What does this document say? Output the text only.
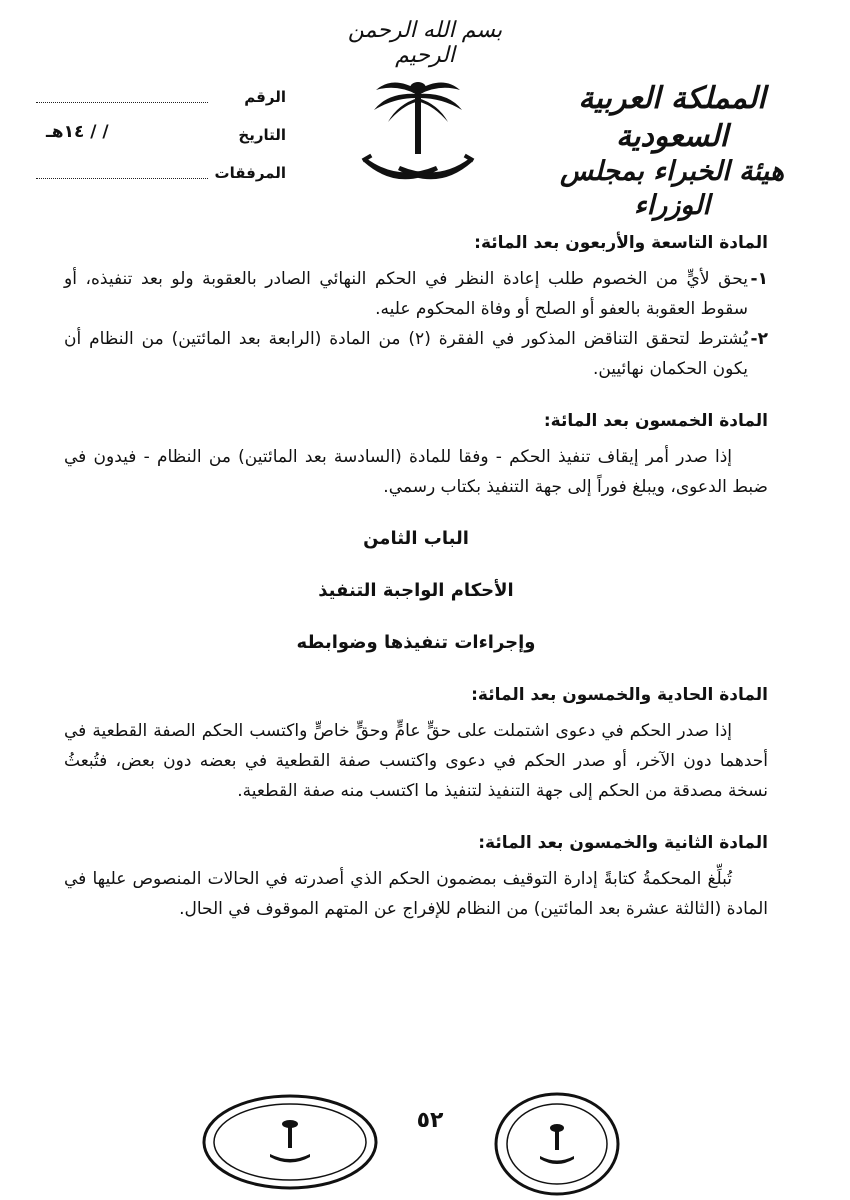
بسم الله الرحمن الرحيم
المملكة العربية السعودية
هيئة الخبراء بمجلس الوزراء
الرقم
التاريخ
/ / ١٤هـ
المرفقات
المادة التاسعة والأربعون بعد المائة:
١-
يحق لأيٍّ من الخصوم طلب إعادة النظر في الحكم النهائي الصادر بالعقوبة ولو بعد تنفيذه، أو سقوط العقوبة بالعفو أو الصلح أو وفاة المحكوم عليه.
٢-
يُشترط لتحقق التناقض المذكور في الفقرة (٢) من المادة (الرابعة بعد المائتين) من النظام أن يكون الحكمان نهائيين.
المادة الخمسون بعد المائة:

إذا صدر أمر إيقاف تنفيذ الحكم - وفقا للمادة (السادسة بعد المائتين) من النظام - فيدون في ضبط الدعوى، ويبلغ فوراً إلى جهة التنفيذ بكتاب رسمي.

الباب الثامن

الأحكام الواجبة التنفيذ

وإجراءات تنفيذها وضوابطه

المادة الحادية والخمسون بعد المائة:

إذا صدر الحكم في دعوى اشتملت على حقٍّ عامٍّ وحقٍّ خاصٍّ واكتسب الحكم الصفة القطعية في أحدهما دون الآخر، أو صدر الحكم في دعوى واكتسب صفة القطعية في بعضه دون بعض، فتُبعثُ نسخة مصدقة من الحكم إلى جهة التنفيذ لتنفيذ ما اكتسب منه صفة القطعية.

المادة الثانية والخمسون بعد المائة:

تُبلِّغ المحكمةُ كتابةً إدارة التوقيف بمضمون الحكم الذي أصدرته في الحالات المنصوص عليها في المادة (الثالثة عشرة بعد المائتين) من النظام للإفراج عن المتهم الموقوف في الحال.

٥٢
